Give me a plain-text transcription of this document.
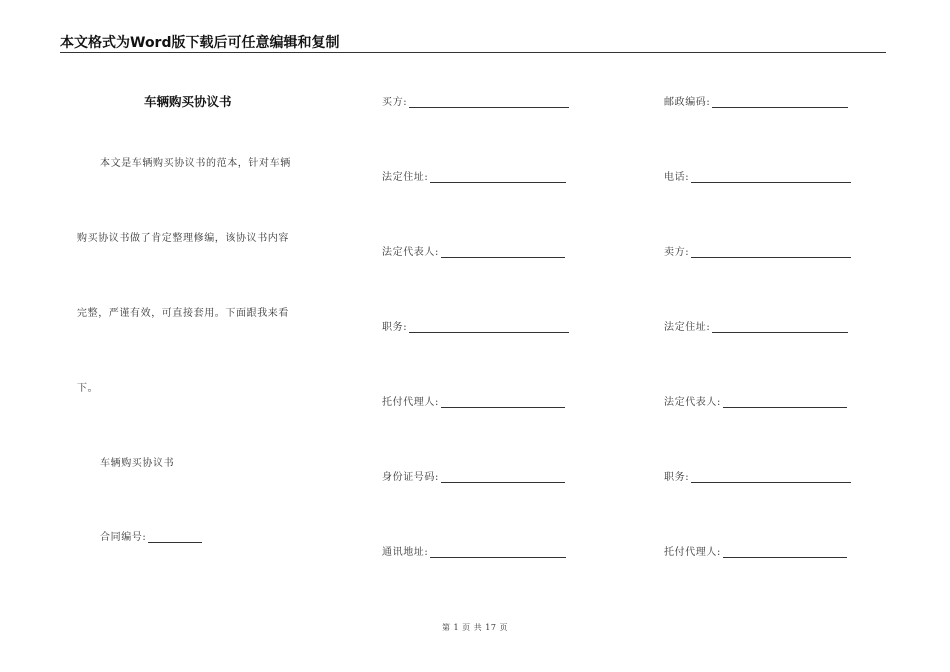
本文格式为Word版下载后可任意编辑和复制
车辆购买协议书
本文是车辆购买协议书的范本，针对车辆
购买协议书做了肯定整理修编，该协议书内容
完整，严谨有效，可直接套用。下面跟我来看
下。
车辆购买协议书
合同编号:
买方:
法定住址:
法定代表人:
职务:
托付代理人:
身份证号码:
通讯地址:
邮政编码:
电话:
卖方:
法定住址:
法定代表人:
职务:
托付代理人:
第 1 页 共 17 页
